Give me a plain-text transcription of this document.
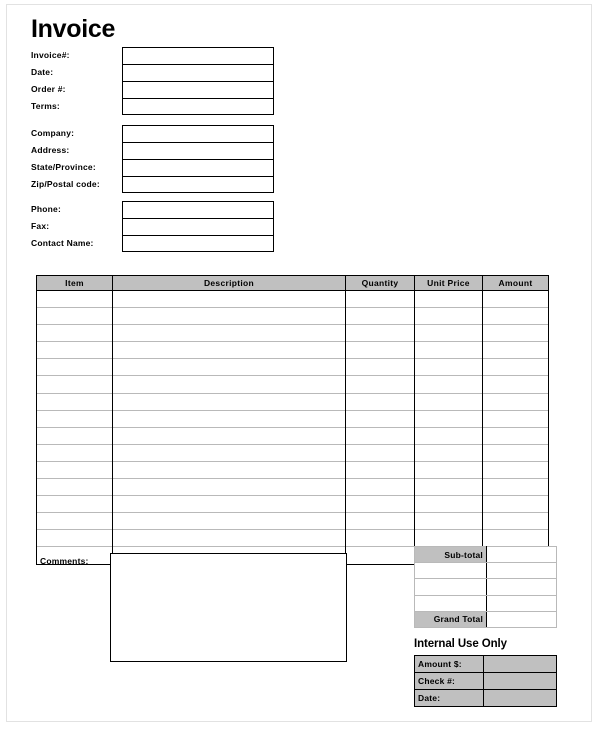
Invoice
Invoice#:
Date:
Order #:
Terms:
Company:
Address:
State/Province:
Zip/Postal code:
Phone:
Fax:
Contact Name:
Item	Description	Quantity	Unit Price	Amount

Comments:
Sub-total	

Grand Total	
Internal Use Only
Amount $:	
Check #:	
Date:	
